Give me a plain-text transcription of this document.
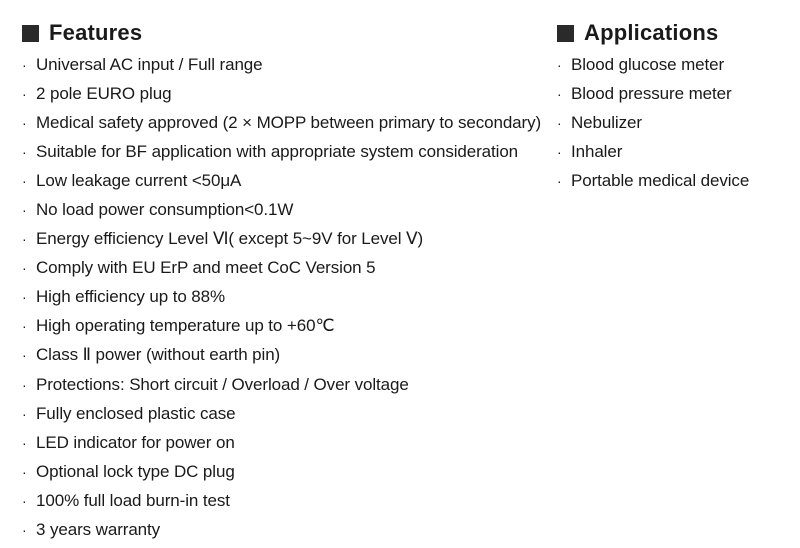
Features
· Universal AC input / Full range
· 2 pole EURO plug
· Medical safety approved (2 × MOPP between primary to secondary)
· Suitable for BF application with appropriate system consideration
· Low leakage current <50μA
· No load power consumption<0.1W
· Energy efficiency Level Ⅵ( except 5~9V for Level Ⅴ)
· Comply with EU ErP and meet CoC Version 5
· High efficiency up to 88%
· High operating temperature up to +60℃
· Class Ⅱ power (without earth pin)
· Protections: Short circuit / Overload / Over voltage
· Fully enclosed plastic case
· LED indicator for power on
· Optional lock type DC plug
· 100% full load burn-in test
· 3 years warranty
Applications
· Blood glucose meter
· Blood pressure meter
· Nebulizer
· Inhaler
· Portable medical device
